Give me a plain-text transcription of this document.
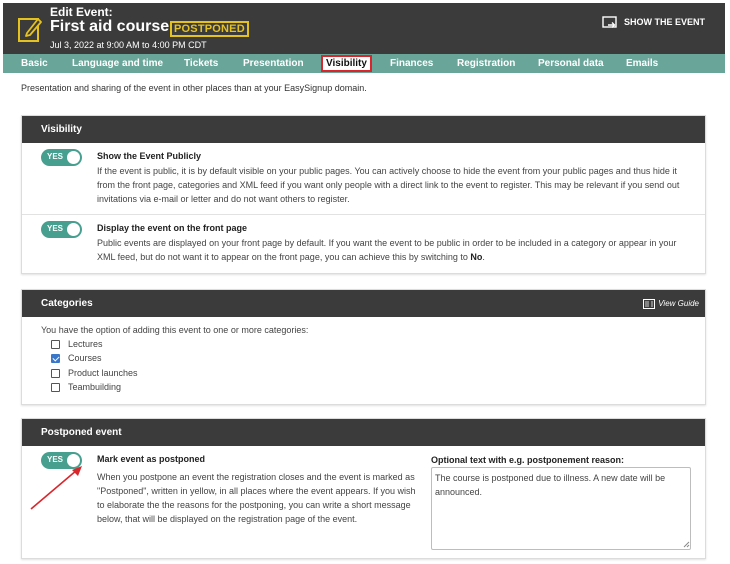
Edit Event:
First aid course POSTPONED
Jul 3, 2022 at 9:00 AM to 4:00 PM CDT
SHOW THE EVENT
Basic Language and time Tickets Presentation	Visibility	Finances Registration Personal data Emails
Presentation and sharing of the event in other places than at your EasySignup domain.
Visibility
YES	Show the Event Publicly
If the event is public, it is by default visible on your public pages. You can actively choose to hide the event from your public pages and thus hide it from the front page, categories and XML feed if you want only people with a direct link to the event to register. This may be relevant if you send out invitations via e-mail or letter and do not want others to register.
YES	Display the event on the front page
Public events are displayed on your front page by default. If you want the event to be public in order to be included in a category or appear in your XML feed, but do not want it to appear on the front page, you can achieve this by switching to No.
Categories	View Guide
You have the option of adding this event to one or more categories:
Lectures
Courses
Product launches
Teambuilding
Postponed event
YES	Mark event as postponed
When you postpone an event the registration closes and the event is marked as "Postponed", written in yellow, in all places where the event appears. If you wish to elaborate the the reasons for the postponing, you can write a short message below, that will be displayed on the registration page of the event.
Optional text with e.g. postponement reason:
The course is postponed due to illness. A new date will be announced.
